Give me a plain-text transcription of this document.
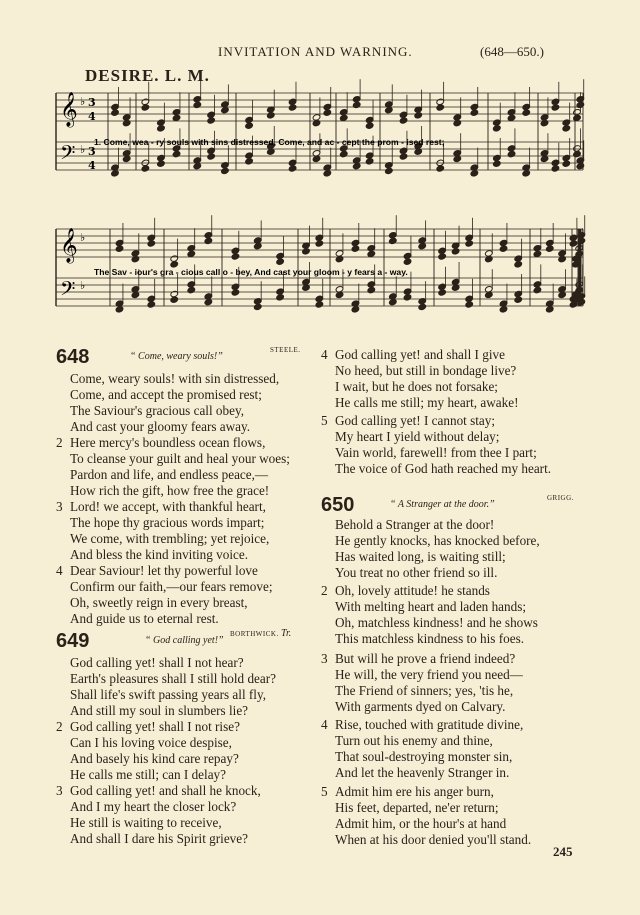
INVITATION AND WARNING.	(648—650.)
DESIRE. L. M.
𝄞
𝄢
♭
♭
3
4
3
4
1. Come, wea - ry souls with sins distressed, Come, and ac - cept the prom - ised rest;
𝄞
𝄢
♭
♭
The Sav - iour's gra - cious call o - bey, And cast your gloom - y fears a - way.
648	“ Come, weary souls!”
STEELE.
Come, weary souls! with sin distressed,
Come, and accept the promised rest;
The Saviour's gracious call obey,
And cast your gloomy fears away.
2 Here mercy's boundless ocean flows,
To cleanse your guilt and heal your woes;
Pardon and life, and endless peace,—
How rich the gift, how free the grace!
3 Lord! we accept, with thankful heart,
The hope thy gracious words impart;
We come, with trembling; yet rejoice,
And bless the kind inviting voice.
4 Dear Saviour! let thy powerful love
Confirm our faith,—our fears remove;
Oh, sweetly reign in every breast,
And guide us to eternal rest.
649	“ God calling yet!”
BORTHWICK. Tr.
God calling yet! shall I not hear?
Earth's pleasures shall I still hold dear?
Shall life's swift passing years all fly,
And still my soul in slumbers lie?
2 God calling yet! shall I not rise?
Can I his loving voice despise,
And basely his kind care repay?
He calls me still; can I delay?
3 God calling yet! and shall he knock,
And I my heart the closer lock?
He still is waiting to receive,
And shall I dare his Spirit grieve?
4 God calling yet! and shall I give
No heed, but still in bondage live?
I wait, but he does not forsake;
He calls me still; my heart, awake!
5 God calling yet! I cannot stay;
My heart I yield without delay;
Vain world, farewell! from thee I part;
The voice of God hath reached my heart.
650	“ A Stranger at the door.”
GRIGG.
Behold a Stranger at the door!
He gently knocks, has knocked before,
Has waited long, is waiting still;
You treat no other friend so ill.
2 Oh, lovely attitude! he stands
With melting heart and laden hands;
Oh, matchless kindness! and he shows
This matchless kindness to his foes.
3 But will he prove a friend indeed?
He will, the very friend you need—
The Friend of sinners; yes, 'tis he,
With garments dyed on Calvary.
4 Rise, touched with gratitude divine,
Turn out his enemy and thine,
That soul-destroying monster sin,
And let the heavenly Stranger in.
5 Admit him ere his anger burn,
His feet, departed, ne'er return;
Admit him, or the hour's at hand
When at his door denied you'll stand.
245
